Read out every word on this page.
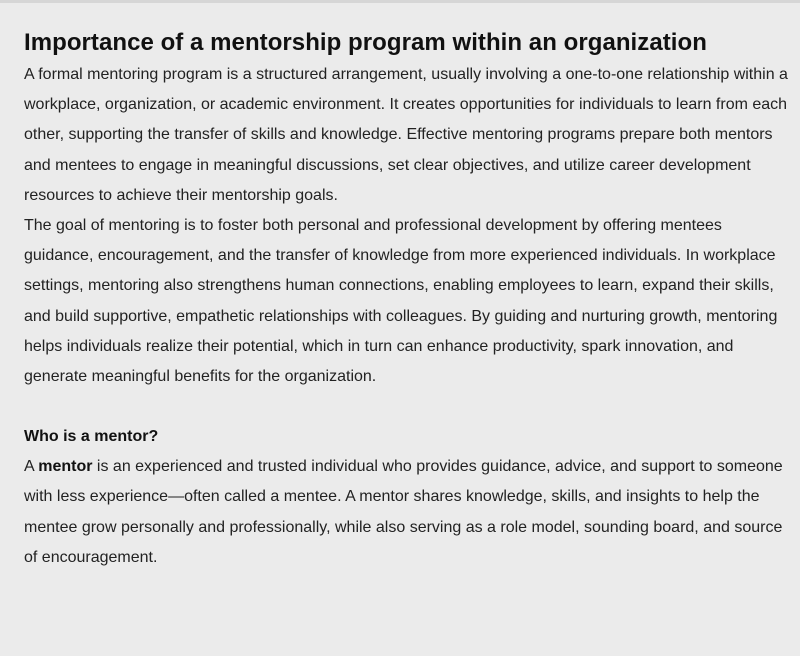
Importance of a mentorship program within an organization

A formal mentoring program is a structured arrangement, usually involving a one-to-one relationship within a workplace, organization, or academic environment. It creates opportunities for individuals to learn from each other, supporting the transfer of skills and knowledge. Effective mentoring programs prepare both mentors and mentees to engage in meaningful discussions, set clear objectives, and utilize career development resources to achieve their mentorship goals.

The goal of mentoring is to foster both personal and professional development by offering mentees guidance, encouragement, and the transfer of knowledge from more experienced individuals. In workplace settings, mentoring also strengthens human connections, enabling employees to learn, expand their skills, and build supportive, empathetic relationships with colleagues. By guiding and nurturing growth, mentoring helps individuals realize their potential, which in turn can enhance productivity, spark innovation, and generate meaningful benefits for the organization.

Who is a mentor?

A mentor is an experienced and trusted individual who provides guidance, advice, and support to someone with less experience—often called a mentee. A mentor shares knowledge, skills, and insights to help the mentee grow personally and professionally, while also serving as a role model, sounding board, and source of encouragement.
